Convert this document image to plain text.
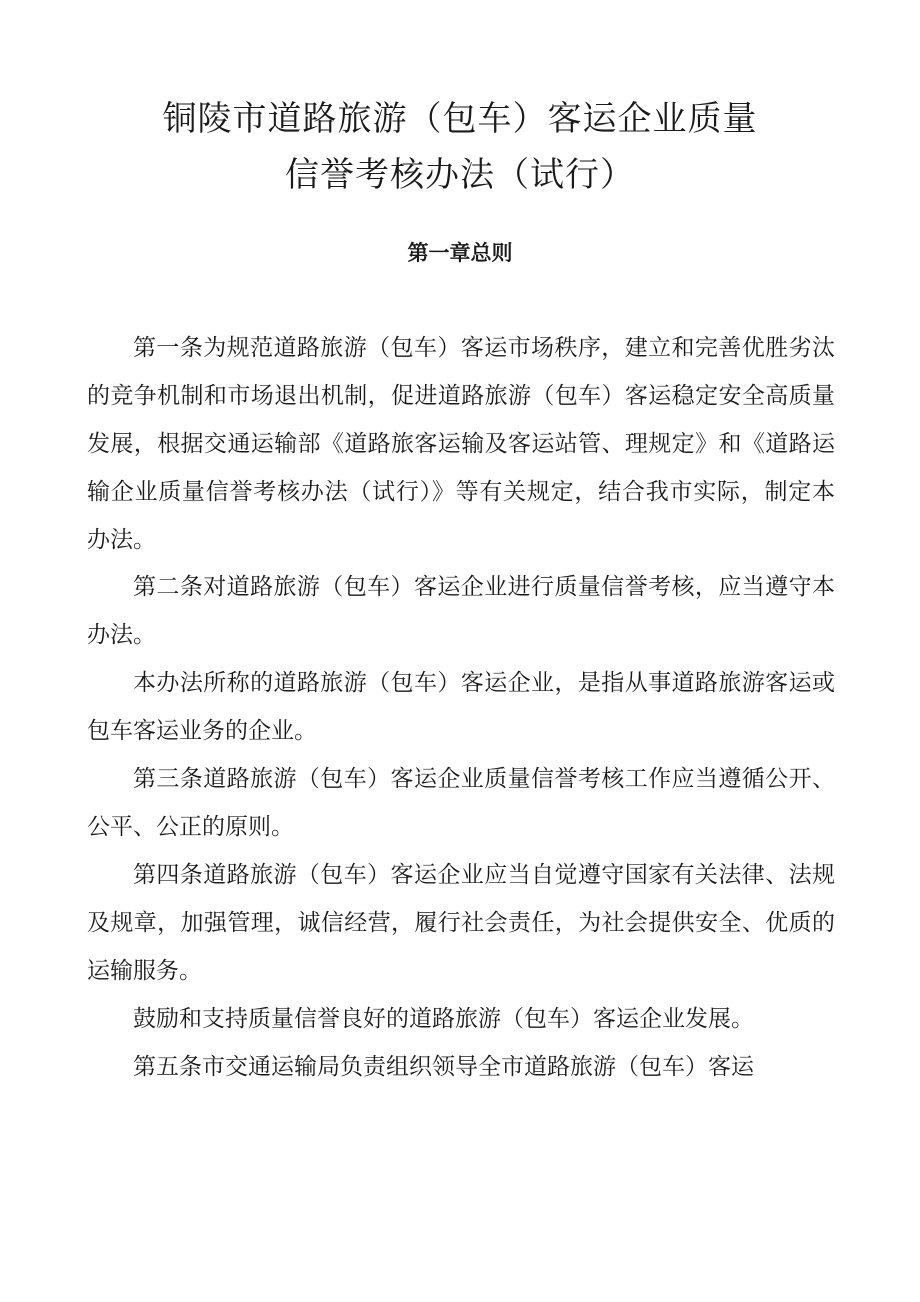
铜陵市道路旅游（包车）客运企业质量
信誉考核办法（试行）
第一章总则

第一条为规范道路旅游（包车）客运市场秩序，建立和完善优胜劣汰

的竞争机制和市场退出机制，促进道路旅游（包车）客运稳定安全高质量

发展，根据交通运输部《道路旅客运输及客运站管、理规定》和《道路运

输企业质量信誉考核办法（试行）》等有关规定，结合我市实际，制定本

办法。

第二条对道路旅游（包车）客运企业进行质量信誉考核，应当遵守本

办法。

本办法所称的道路旅游（包车）客运企业，是指从事道路旅游客运或

包车客运业务的企业。

第三条道路旅游（包车）客运企业质量信誉考核工作应当遵循公开、

公平、公正的原则。

第四条道路旅游（包车）客运企业应当自觉遵守国家有关法律、法规

及规章，加强管理，诚信经营，履行社会责任，为社会提供安全、优质的

运输服务。

鼓励和支持质量信誉良好的道路旅游（包车）客运企业发展。

第五条市交通运输局负责组织领导全市道路旅游（包车）客运
